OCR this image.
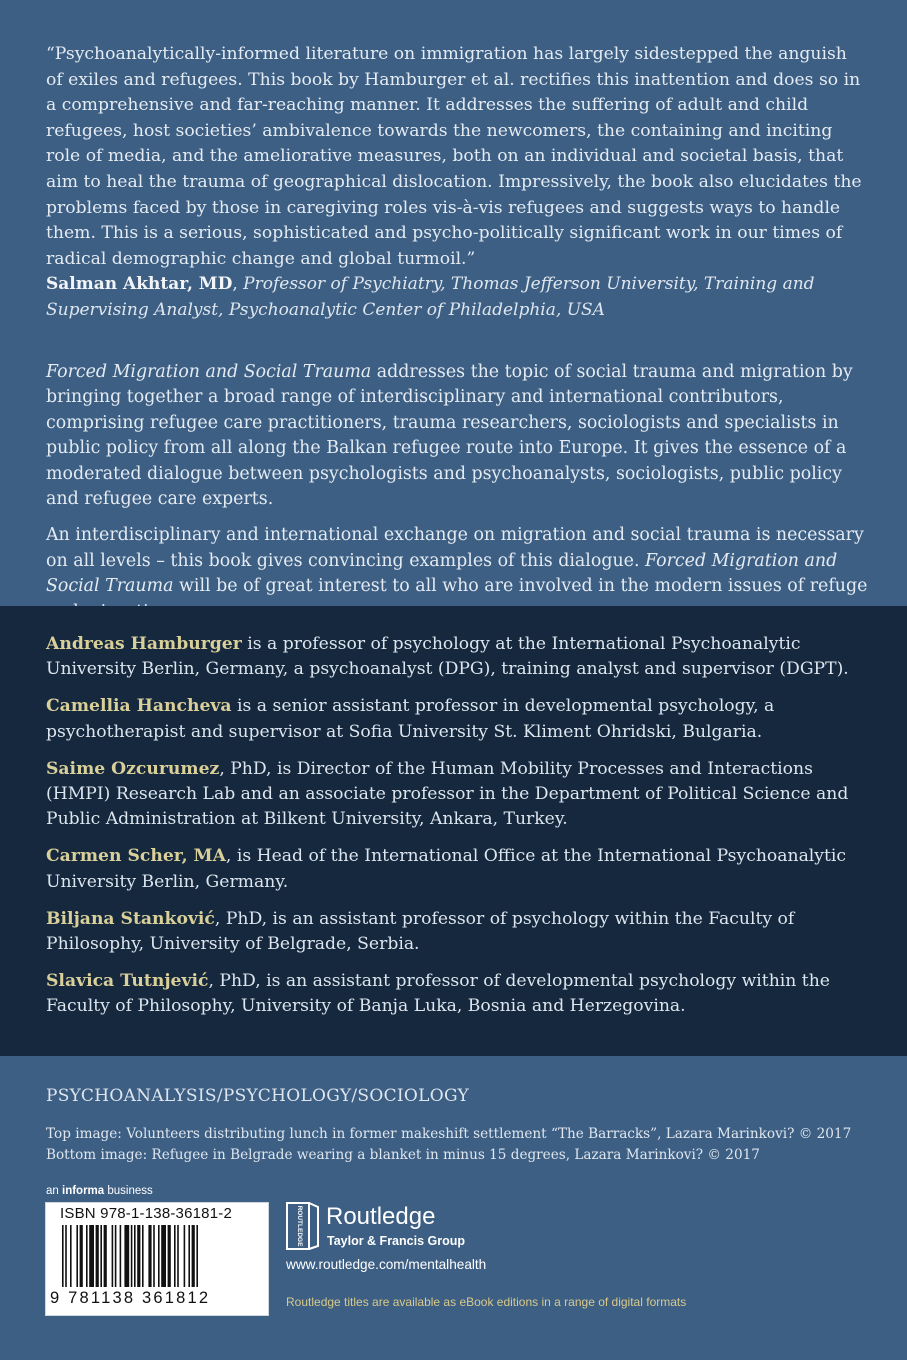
“Psychoanalytically-informed literature on immigration has largely sidestepped the anguish of exiles and refugees. This book by Hamburger et al. rectifies this inattention and does so in a comprehensive and far-reaching manner. It addresses the suffering of adult and child refugees, host societies’ ambivalence towards the newcomers, the containing and inciting role of media, and the ameliorative measures, both on an individual and societal basis, that aim to heal the trauma of geographical dislocation. Impressively, the book also elucidates the problems faced by those in caregiving roles vis-à-vis refugees and suggests ways to handle them. This is a serious, sophisticated and psycho-politically significant work in our times of radical demographic change and global turmoil.”

Salman Akhtar, MD, Professor of Psychiatry, Thomas Jefferson University, Training and Supervising Analyst, Psychoanalytic Center of Philadelphia, USA

Forced Migration and Social Trauma addresses the topic of social trauma and migration by bringing together a broad range of interdisciplinary and international contributors, comprising refugee care practitioners, trauma researchers, sociologists and specialists in public policy from all along the Balkan refugee route into Europe. It gives the essence of a moderated dialogue between psychologists and psychoanalysts, sociologists, public policy and refugee care experts.

An interdisciplinary and international exchange on migration and social trauma is necessary on all levels – this book gives convincing examples of this dialogue. Forced Migration and Social Trauma will be of great interest to all who are involved in the modern issues of refuge

Andreas Hamburger is a professor of psychology at the International Psychoanalytic University Berlin, Germany, a psychoanalyst (DPG), training analyst and supervisor (DGPT).

Camellia Hancheva is a senior assistant professor in developmental psychology, a psychotherapist and supervisor at Sofia University St. Kliment Ohridski, Bulgaria.

Saime Ozcurumez, PhD, is Director of the Human Mobility Processes and Interactions (HMPI) Research Lab and an associate professor in the Department of Political Science and Public Administration at Bilkent University, Ankara, Turkey.

Carmen Scher, MA, is Head of the International Office at the International Psychoanalytic University Berlin, Germany.

Biljana Stanković, PhD, is an assistant professor of psychology within the Faculty of Philosophy, University of Belgrade, Serbia.

Slavica Tutnjević, PhD, is an assistant professor of developmental psychology within the Faculty of Philosophy, University of Banja Luka, Bosnia and Herzegovina.

PSYCHOANALYSIS/PSYCHOLOGY/SOCIOLOGY
Top image: Volunteers distributing lunch in former makeshift settlement “The Barracks”, Lazara Marinkovi? © 2017
Bottom image: Refugee in Belgrade wearing a blanket in minus 15 degrees, Lazara Marinkovi? © 2017
an informa business
ISBN 978-1-138-36181-2
9 781138 361812
ROUTLEDGE Routledge
Taylor & Francis Group
www.routledge.com/mentalhealth
Routledge titles are available as eBook editions in a range of digital formats
